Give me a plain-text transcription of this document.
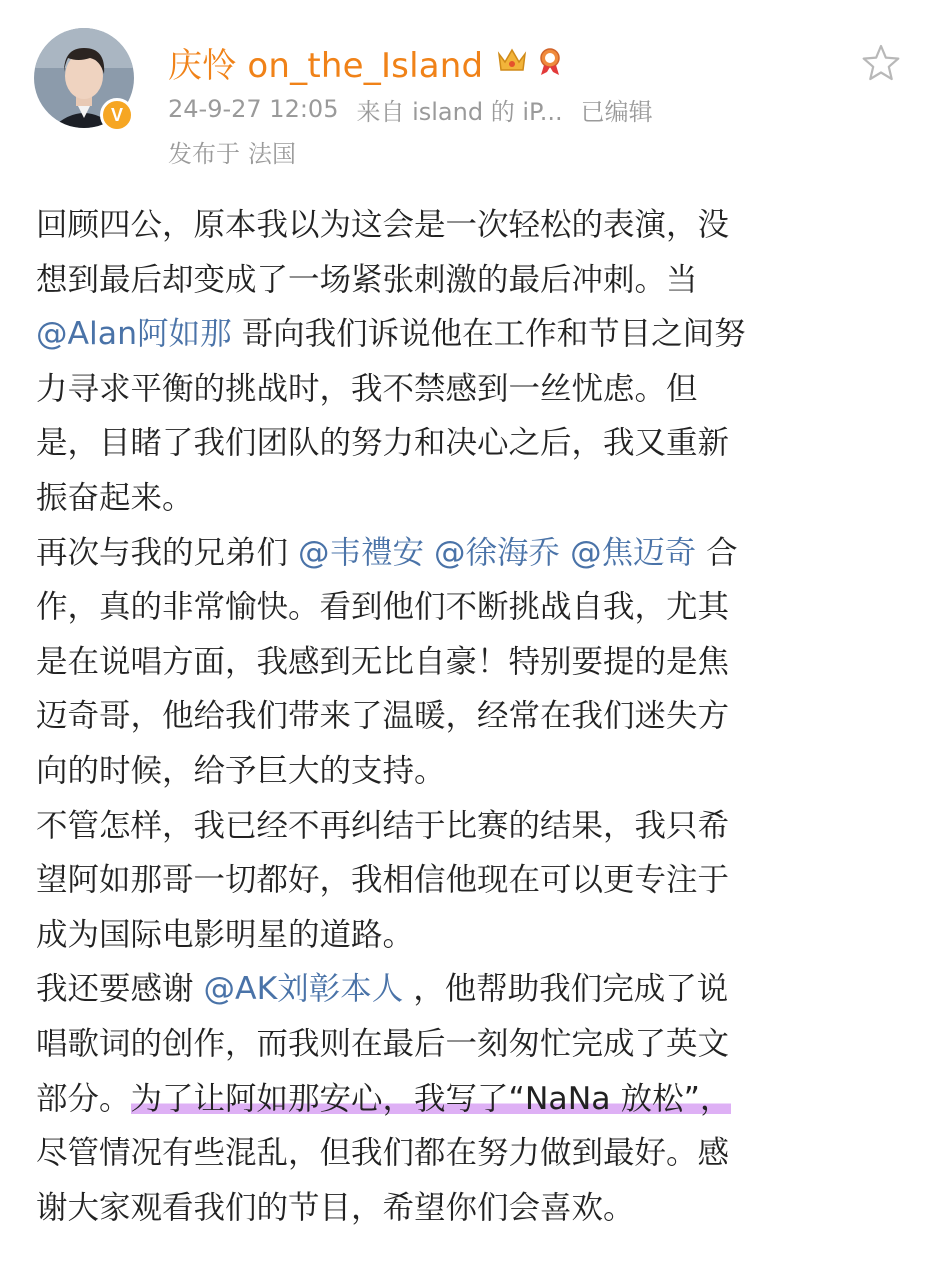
V
庆怜 on_the_Island
24-9-27 12:05 来自 island 的 iP... 已编辑
发布于 法国
回顾四公，原本我以为这会是一次轻松的表演，没
想到最后却变成了一场紧张刺激的最后冲刺。当
@Alan阿如那 哥向我们诉说他在工作和节目之间努
力寻求平衡的挑战时，我不禁感到一丝忧虑。但
是，目睹了我们团队的努力和决心之后，我又重新
振奋起来。
再次与我的兄弟们 @韦禮安 @徐海乔 @焦迈奇 合
作，真的非常愉快。看到他们不断挑战自我，尤其
是在说唱方面，我感到无比自豪！特别要提的是焦
迈奇哥，他给我们带来了温暖，经常在我们迷失方
向的时候，给予巨大的支持。
不管怎样，我已经不再纠结于比赛的结果，我只希
望阿如那哥一切都好，我相信他现在可以更专注于
成为国际电影明星的道路。
我还要感谢 @AK刘彰本人 ，他帮助我们完成了说
唱歌词的创作，而我则在最后一刻匆忙完成了英文
部分。为了让阿如那安心，我写了“NaNa 放松”，
尽管情况有些混乱，但我们都在努力做到最好。感
谢大家观看我们的节目，希望你们会喜欢。
